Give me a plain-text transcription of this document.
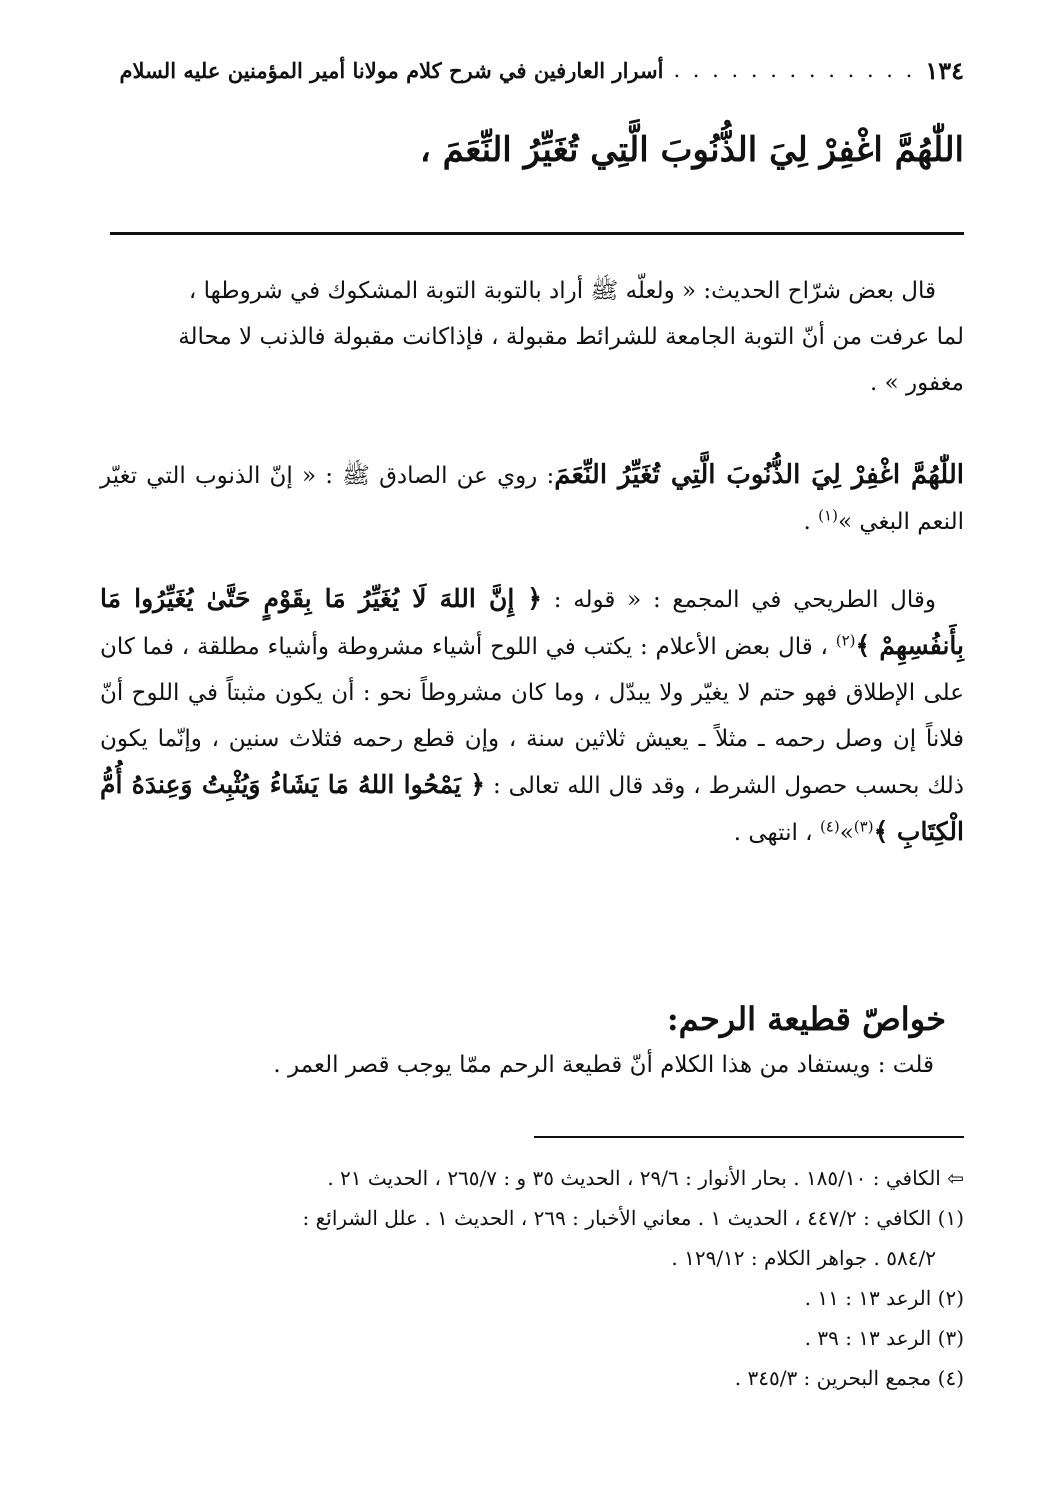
١٣٤
. . . . . . . . . . . . .
أسرار العارفين في شرح كلام مولانا أمير المؤمنين عليه السلام
اللّٰهُمَّ اغْفِرْ لِيَ الذُّنُوبَ الَّتِي تُغَيِّرُ النِّعَمَ ،

قال بعض شرّاح الحديث: « ولعلّه ﷺ أراد بالتوبة التوبة المشكوك في شروطها ،

لما عرفت من أنّ التوبة الجامعة للشرائط مقبولة ، فإذاكانت مقبولة فالذنب لا محالة

مغفور » .

اللّٰهُمَّ اغْفِرْ لِيَ الذُّنُوبَ الَّتِي تُغَيِّرُ النِّعَمَ: روي عن الصادق ﷺ : « إنّ الذنوب التي تغيّر النعم البغي »$^{(١)}$ .

وقال الطريحي في المجمع : « قوله : ﴿ إِنَّ اللهَ لَا يُغَيِّرُ مَا بِقَوْمٍ حَتَّىٰ يُغَيِّرُوا مَا بِأَنفُسِهِمْ ﴾$^{(٢)}$ ، قال بعض الأعلام : يكتب في اللوح أشياء مشروطة وأشياء مطلقة ، فما كان على الإطلاق فهو حتم لا يغيّر ولا يبدّل ، وما كان مشروطاً نحو : أن يكون مثبتاً في اللوح أنّ فلاناً إن وصل رحمه ـ مثلاً ـ يعيش ثلاثين سنة ، وإن قطع رحمه فثلاث سنين ، وإنّما يكون ذلك بحسب حصول الشرط ، وقد قال الله تعالى : ﴿ يَمْحُوا اللهُ مَا يَشَاءُ وَيُثْبِتُ وَعِندَهُ أُمُّ الْكِتَابِ ﴾$^{(٣)}$»$^{(٤)}$ ، انتهى .

خواصّ قطيعة الرحم:
قلت : ويستفاد من هذا الكلام أنّ قطيعة الرحم ممّا يوجب قصر العمر .
⇦ الكافي : ١٨٥/١٠ . بحار الأنوار : ٢٩/٦ ، الحديث ٣٥ و : ٢٦٥/٧ ، الحديث ٢١ .
(١) الكافي : ٤٤٧/٢ ، الحديث ١ . معاني الأخبار : ٢٦٩ ، الحديث ١ . علل الشرائع :
٥٨٤/٢ . جواهر الكلام : ١٢٩/١٢ .
(٢) الرعد ١٣ : ١١ .
(٣) الرعد ١٣ : ٣٩ .
(٤) مجمع البحرين : ٣٤٥/٣ .
